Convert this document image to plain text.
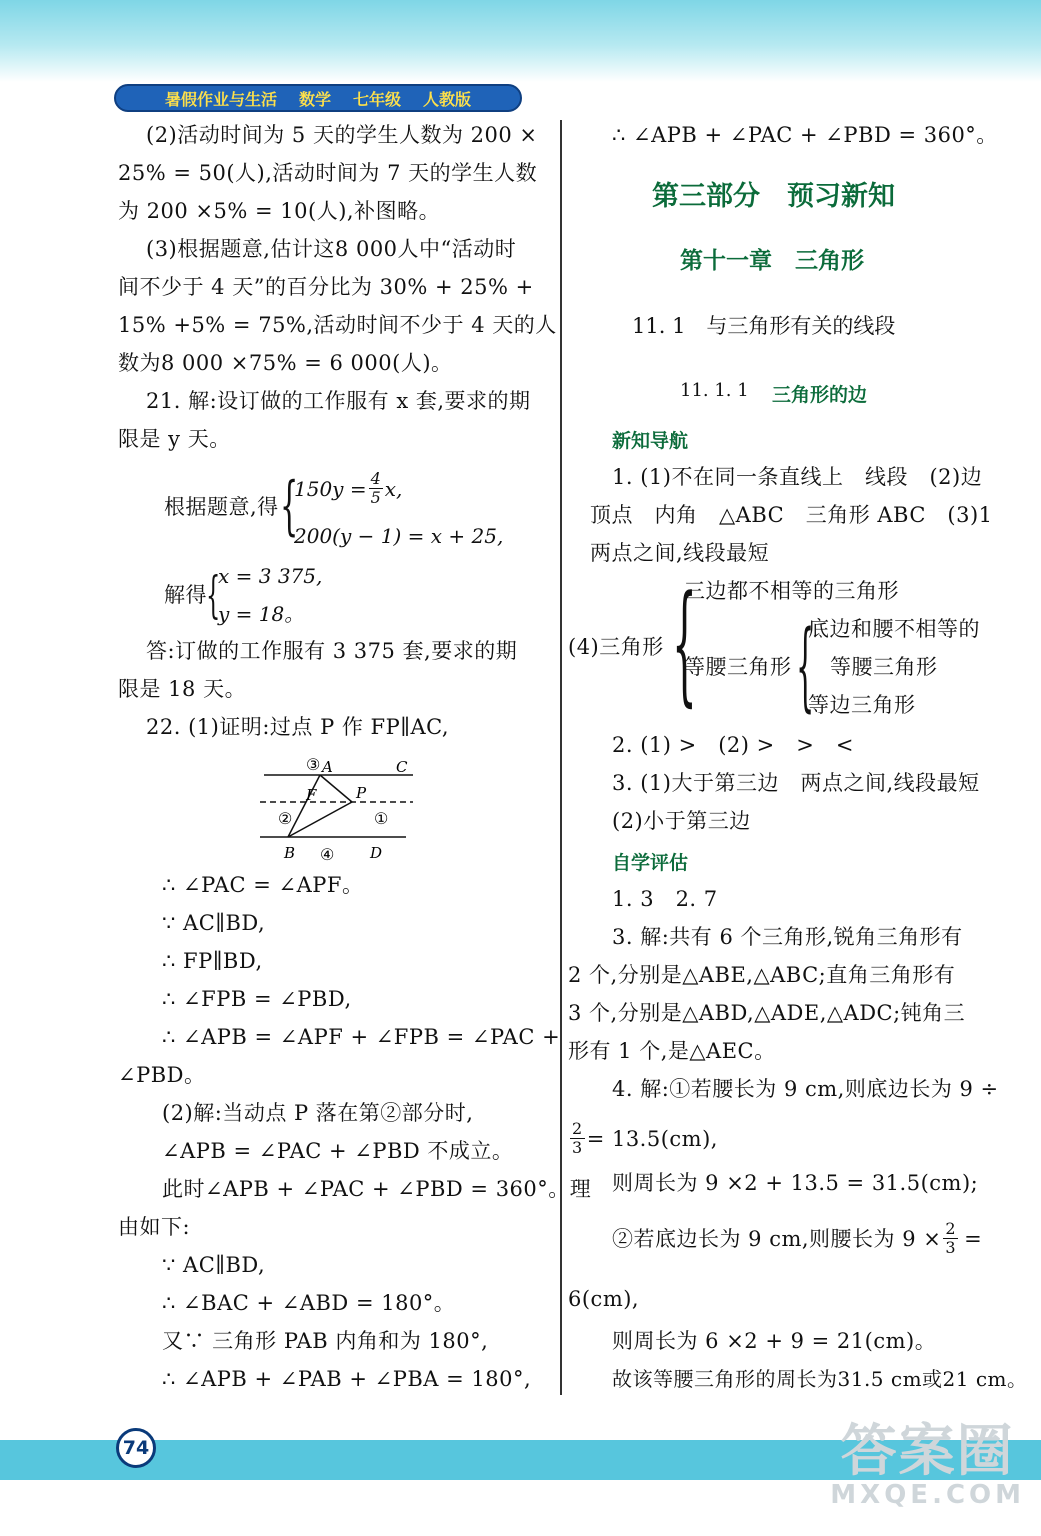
暑假作业与生活 数学 七年级 人教版
(2)活动时间为 5 天的学生人数为 200 ×
25% = 50(人),活动时间为 7 天的学生人数
为 200 ×5% = 10(人),补图略。
(3)根据题意,估计这8 000人中“活动时
间不少于 4 天”的百分比为 30% + 25% +
15% +5% = 75%,活动时间不少于 4 天的人
数为8 000 ×75% = 6 000(人)。
21. 解:设订做的工作服有 x 套,要求的期
限是 y 天。
根据题意,得 {
$150y = \frac{4}{5} x$,
200(y − 1) = x + 25,
解得 {
x = 3 375,
y = 18。
答:订做的工作服有 3 375 套,要求的期
限是 18 天。
22. (1)证明:过点 P 作 FP∥AC,
③ A	C
F	P
②	①
B ④ D
∴ ∠PAC = ∠APF。
∵ AC∥BD,
∴ FP∥BD,
∴ ∠FPB = ∠PBD,
∴ ∠APB = ∠APF + ∠FPB = ∠PAC +
∠PBD。
(2)解:当动点 P 落在第②部分时,
∠APB = ∠PAC + ∠PBD 不成立。
此时∠APB + ∠PAC + ∠PBD = 360°。理
由如下:
∵ AC∥BD,
∴ ∠BAC + ∠ABD = 180°。
又∵ 三角形 PAB 内角和为 180°,
∴ ∠APB + ∠PAB + ∠PBA = 180°,
∴ ∠APB + ∠PAC + ∠PBD = 360°。
第三部分　预习新知
第十一章　三角形
11. 1　与三角形有关的线段
11. 1. 1 三角形的边
新知导航
1. (1)不在同一条直线上　线段　(2)边
顶点　内角　△ABC　三角形 ABC　(3)1
两点之间,线段最短
(4)三角形 {
三边都不相等的三角形
等腰三角形 {
底边和腰不相等的
等腰三角形
等边三角形
2. (1) >　(2) >　>　<
3. (1)大于第三边　两点之间,线段最短
(2)小于第三边
自学评估
1. 3　2. 7
3. 解:共有 6 个三角形,锐角三角形有
2 个,分别是△ABE,△ABC;直角三角形有
3 个,分别是△ABD,△ADE,△ADC;钝角三
形有 1 个,是△AEC。
4. 解:①若腰长为 9 cm,则底边长为 9 ÷
$\frac{2}{3} = 13.5(cm)$,
则周长为 9 ×2 + 13.5 = 31.5(cm);
②若底边长为 9 cm,则腰长为 $9 \times \frac{2}{3}$ =
6(cm),
则周长为 6 ×2 + 9 = 21(cm)。
故该等腰三角形的周长为31.5 cm或21 cm。
74	答案圈
MXQE.COM
